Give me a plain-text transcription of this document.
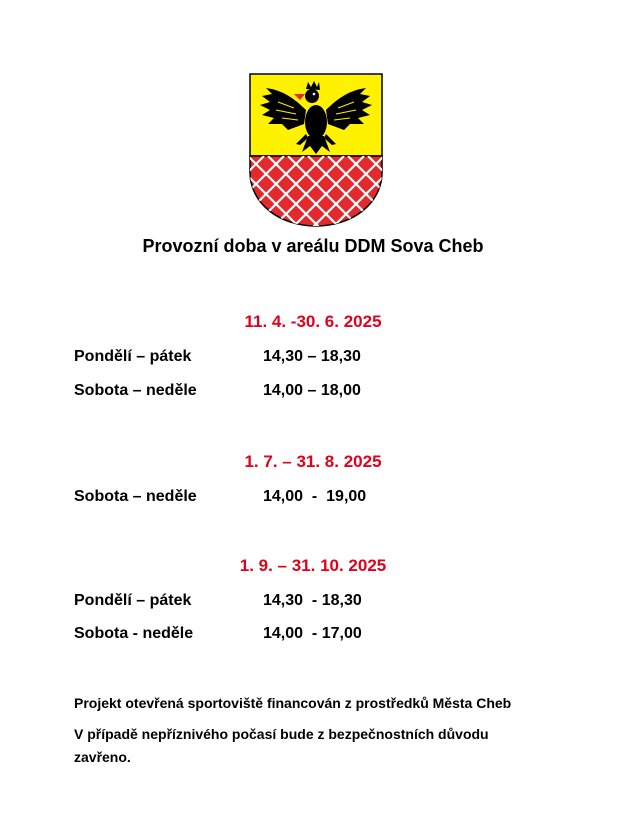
Provozní doba v areálu DDM Sova Cheb
11. 4. -30. 6. 2025

Pondělí – pátek

	14,30 – 18,30

Sobota – neděle

	14,00 – 18,00

1. 7. – 31. 8. 2025

Sobota – neděle

	14,00  -  19,00

1. 9. – 31. 10. 2025

Pondělí – pátek

	14,30  - 18,30

Sobota - neděle

	14,00  - 17,00

Projekt otevřená sportoviště financován z prostředků Města Cheb
V případě nepříznivého počasí bude z bezpečnostních důvodu zavřeno.
